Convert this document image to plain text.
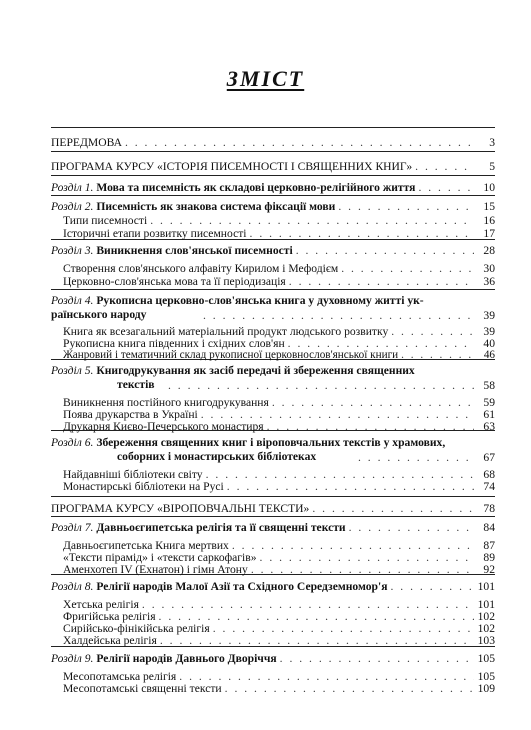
ЗМІСТ
ПЕРЕДМОВА . . .	3
ПРОГРАМА КУРСУ «ІСТОРІЯ ПИСЕМНОСТІ І СВЯЩЕННИХ КНИГ» . . .	5
Розділ 1. Мова та писемність як складові церковно-релігійного життя . . .	10
Розділ 2. Писемність як знакова система фіксації мови . . .	15
Типи писемності . . .	16
Історичні етапи розвитку писемності . . .	17
Розділ 3. Виникнення слов'янської писемності . . .	28
Створення слов'янського алфавіту Кирилом і Мефодієм . . .	30
Церковно-слов'янська мова та її періодизація . . .	36
Розділ 4. Рукописна церковно-слов'янська книга у духовному житті ук-
раїнського народу . . .	39
Книга як всезагальний матеріальний продукт людського розвитку . . .	39
Рукописна книга південних і східних слов'ян . . .	40
Жанровий і тематичний склад рукописної церковнослов'янської книги . . .	46
Розділ 5. Книгодрукування як засіб передачі й збереження священних
текстів . . .	58
Виникнення постійного книгодрукування . . .	59
Поява друкарства в Україні . . .	61
Друкарня Києво-Печерського монастиря . . .	63
Розділ 6. Збереження священних книг і віроповчальних текстів у храмових,
соборних і монастирських бібліотеках . . .	67
Найдавніші бібліотеки світу . . .	68
Монастирські бібліотеки на Русі . . .	74
ПРОГРАМА КУРСУ «ВІРОПОВЧАЛЬНІ ТЕКСТИ» . . .	78
Розділ 7. Давньоєгипетська релігія та її священні тексти . . .	84
Давньоєгипетська Книга мертвих . . .	87
«Тексти пірамід» і «тексти саркофагів» . . .	89
Аменхотеп IV (Ехнатон) і гімн Атону . . .	92
Розділ 8. Релігії народів Малої Азії та Східного Середземномор'я . . .	101
Хетська релігія . . .	101
Фригійська релігія . . .	102
Сирійсько-фінікійська релігія . . .	102
Халдейська релігія . . .	103
Розділ 9. Релігії народів Давнього Дворіччя . . .	105
Месопотамська релігія . . .	105
Месопотамські священні тексти . . .	109
